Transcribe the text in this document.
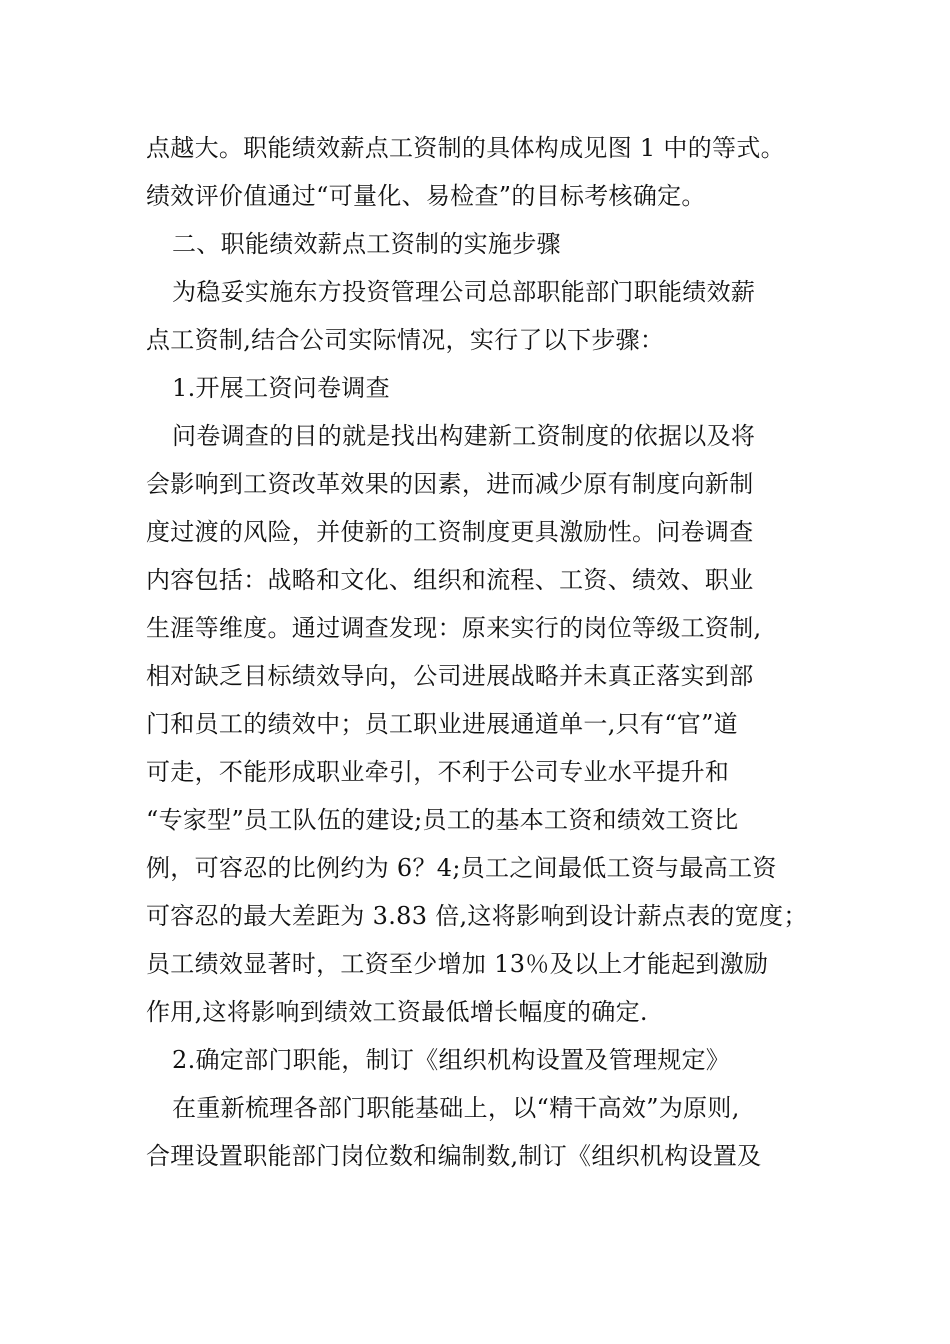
点越大。职能绩效薪点工资制的具体构成见图 1 中的等式。
绩效评价值通过“可量化、易检查”的目标考核确定。
二、职能绩效薪点工资制的实施步骤
为稳妥实施东方投资管理公司总部职能部门职能绩效薪
点工资制,结合公司实际情况，实行了以下步骤：
1.开展工资问卷调查
问卷调查的目的就是找出构建新工资制度的依据以及将
会影响到工资改革效果的因素，进而减少原有制度向新制
度过渡的风险，并使新的工资制度更具激励性。问卷调查
内容包括：战略和文化、组织和流程、工资、绩效、职业
生涯等维度。通过调查发现：原来实行的岗位等级工资制,
相对缺乏目标绩效导向，公司进展战略并未真正落实到部
门和员工的绩效中；员工职业进展通道单一,只有“官”道
可走，不能形成职业牵引，不利于公司专业水平提升和
“专家型”员工队伍的建设;员工的基本工资和绩效工资比
例，可容忍的比例约为 6？4;员工之间最低工资与最高工资
可容忍的最大差距为 3.83 倍,这将影响到设计薪点表的宽度；
员工绩效显著时，工资至少增加 13％及以上才能起到激励
作用,这将影响到绩效工资最低增长幅度的确定.
2.确定部门职能，制订《组织机构设置及管理规定》
在重新梳理各部门职能基础上，以“精干高效”为原则,
合理设置职能部门岗位数和编制数,制订《组织机构设置及
